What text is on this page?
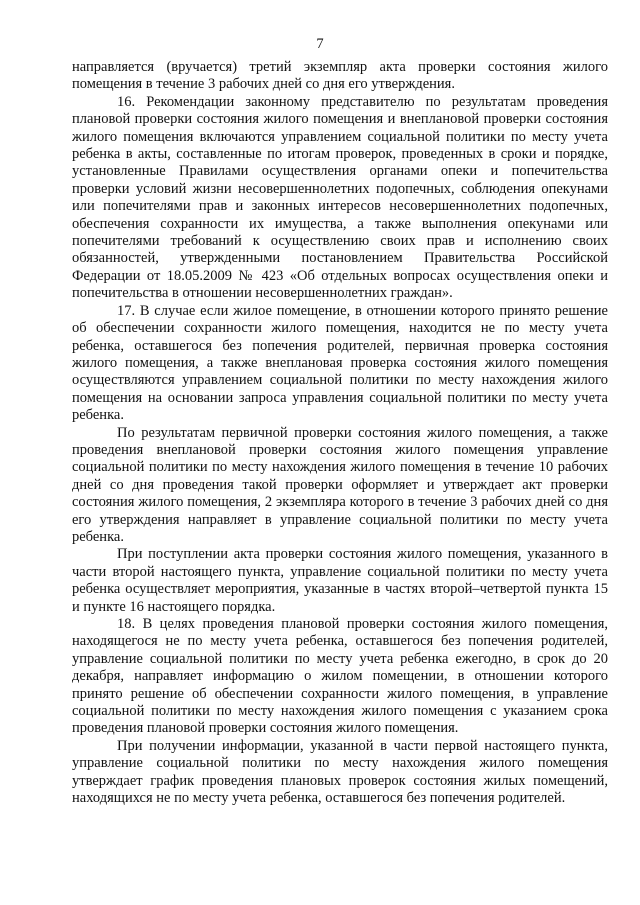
7

направляется (вручается) третий экземпляр акта проверки состояния жилого помещения в течение 3 рабочих дней со дня его утверждения.

16. Рекомендации законному представителю по результатам проведения плановой проверки состояния жилого помещения и внеплановой проверки состояния жилого помещения включаются управлением социальной политики по месту учета ребенка в акты, составленные по итогам проверок, проведенных в сроки и порядке, установленные Правилами осуществления органами опеки и попечительства проверки условий жизни несовершеннолетних подопечных, соблюдения опекунами или попечителями прав и законных интересов несовершеннолетних подопечных, обеспечения сохранности их имущества, а также выполнения опекунами или попечителями требований к осуществлению своих прав и исполнению своих обязанностей, утвержденными постановлением Правительства Российской Федерации от 18.05.2009 № 423 «Об отдельных вопросах осуществления опеки и попечительства в отношении несовершеннолетних граждан».

17. В случае если жилое помещение, в отношении которого принято решение об обеспечении сохранности жилого помещения, находится не по месту учета ребенка, оставшегося без попечения родителей, первичная проверка состояния жилого помещения, а также внеплановая проверка состояния жилого помещения осуществляются управлением социальной политики по месту нахождения жилого помещения на основании запроса управления социальной политики по месту учета ребенка.

По результатам первичной проверки состояния жилого помещения, а также проведения внеплановой проверки состояния жилого помещения управление социальной политики по месту нахождения жилого помещения в течение 10 рабочих дней со дня проведения такой проверки оформляет и утверждает акт проверки состояния жилого помещения, 2 экземпляра которого в течение 3 рабочих дней со дня его утверждения направляет в управление социальной политики по месту учета ребенка.

При поступлении акта проверки состояния жилого помещения, указанного в части второй настоящего пункта, управление социальной политики по месту учета ребенка осуществляет мероприятия, указанные в частях второй–четвертой пункта 15 и пункте 16 настоящего порядка.

18. В целях проведения плановой проверки состояния жилого помещения, находящегося не по месту учета ребенка, оставшегося без попечения родителей, управление социальной политики по месту учета ребенка ежегодно, в срок до 20 декабря, направляет информацию о жилом помещении, в отношении которого принято решение об обеспечении сохранности жилого помещения, в управление социальной политики по месту нахождения жилого помещения с указанием срока проведения плановой проверки состояния жилого помещения.

При получении информации, указанной в части первой настоящего пункта, управление социальной политики по месту нахождения жилого помещения утверждает график проведения плановых проверок состояния жилых помещений, находящихся не по месту учета ребенка, оставшегося без попечения родителей.
